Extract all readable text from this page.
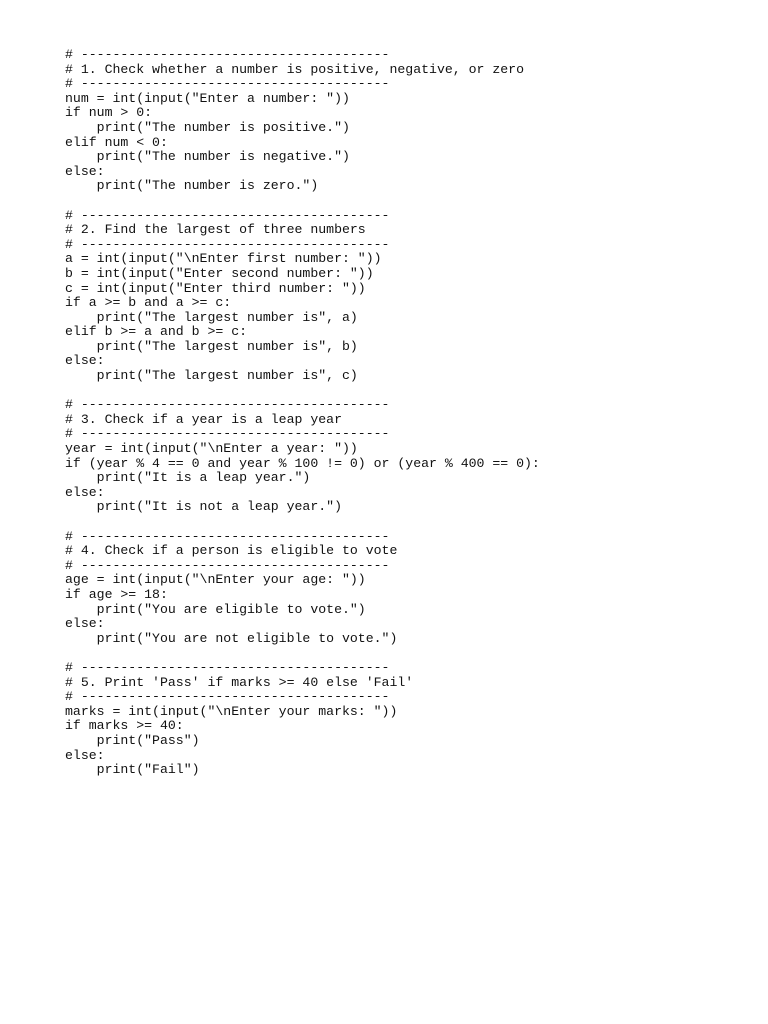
# ---------------------------------------
# 1. Check whether a number is positive, negative, or zero
# ---------------------------------------
num = int(input("Enter a number: "))
if num > 0:
print("The number is positive.")
elif num < 0:
print("The number is negative.")
else:
print("The number is zero.")
# ---------------------------------------
# 2. Find the largest of three numbers
# ---------------------------------------
a = int(input("\nEnter first number: "))
b = int(input("Enter second number: "))
c = int(input("Enter third number: "))
if a >= b and a >= c:
print("The largest number is", a)
elif b >= a and b >= c:
print("The largest number is", b)
else:
print("The largest number is", c)
# ---------------------------------------
# 3. Check if a year is a leap year
# ---------------------------------------
year = int(input("\nEnter a year: "))
if (year % 4 == 0 and year % 100 != 0) or (year % 400 == 0):
print("It is a leap year.")
else:
print("It is not a leap year.")
# ---------------------------------------
# 4. Check if a person is eligible to vote
# ---------------------------------------
age = int(input("\nEnter your age: "))
if age >= 18:
print("You are eligible to vote.")
else:
print("You are not eligible to vote.")
# ---------------------------------------
# 5. Print 'Pass' if marks >= 40 else 'Fail'
# ---------------------------------------
marks = int(input("\nEnter your marks: "))
if marks >= 40:
print("Pass")
else:
print("Fail")
